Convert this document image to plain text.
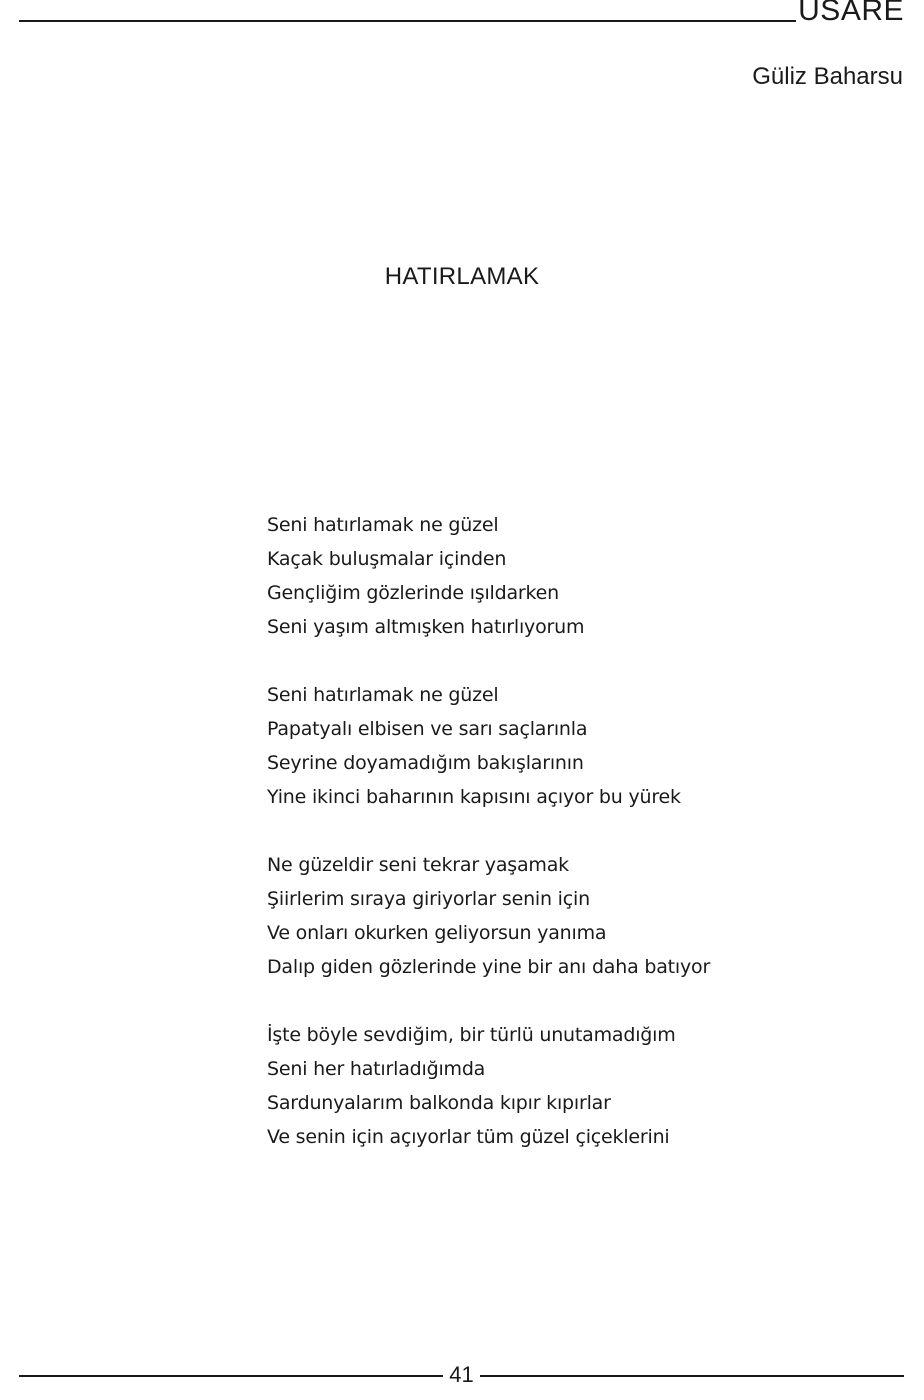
USARE
Güliz Baharsu
HATIRLAMAK
Seni hatırlamak ne güzel
Kaçak buluşmalar içinden
Gençliğim gözlerinde ışıldarken
Seni yaşım altmışken hatırlıyorum
Seni hatırlamak ne güzel
Papatyalı elbisen ve sarı saçlarınla
Seyrine doyamadığım bakışlarının
Yine ikinci baharının kapısını açıyor bu yürek
Ne güzeldir seni tekrar yaşamak
Şiirlerim sıraya giriyorlar senin için
Ve onları okurken geliyorsun yanıma
Dalıp giden gözlerinde yine bir anı daha batıyor
İşte böyle sevdiğim, bir türlü unutamadığım
Seni her hatırladığımda
Sardunyalarım balkonda kıpır kıpırlar
Ve senin için açıyorlar tüm güzel çiçeklerini
41
